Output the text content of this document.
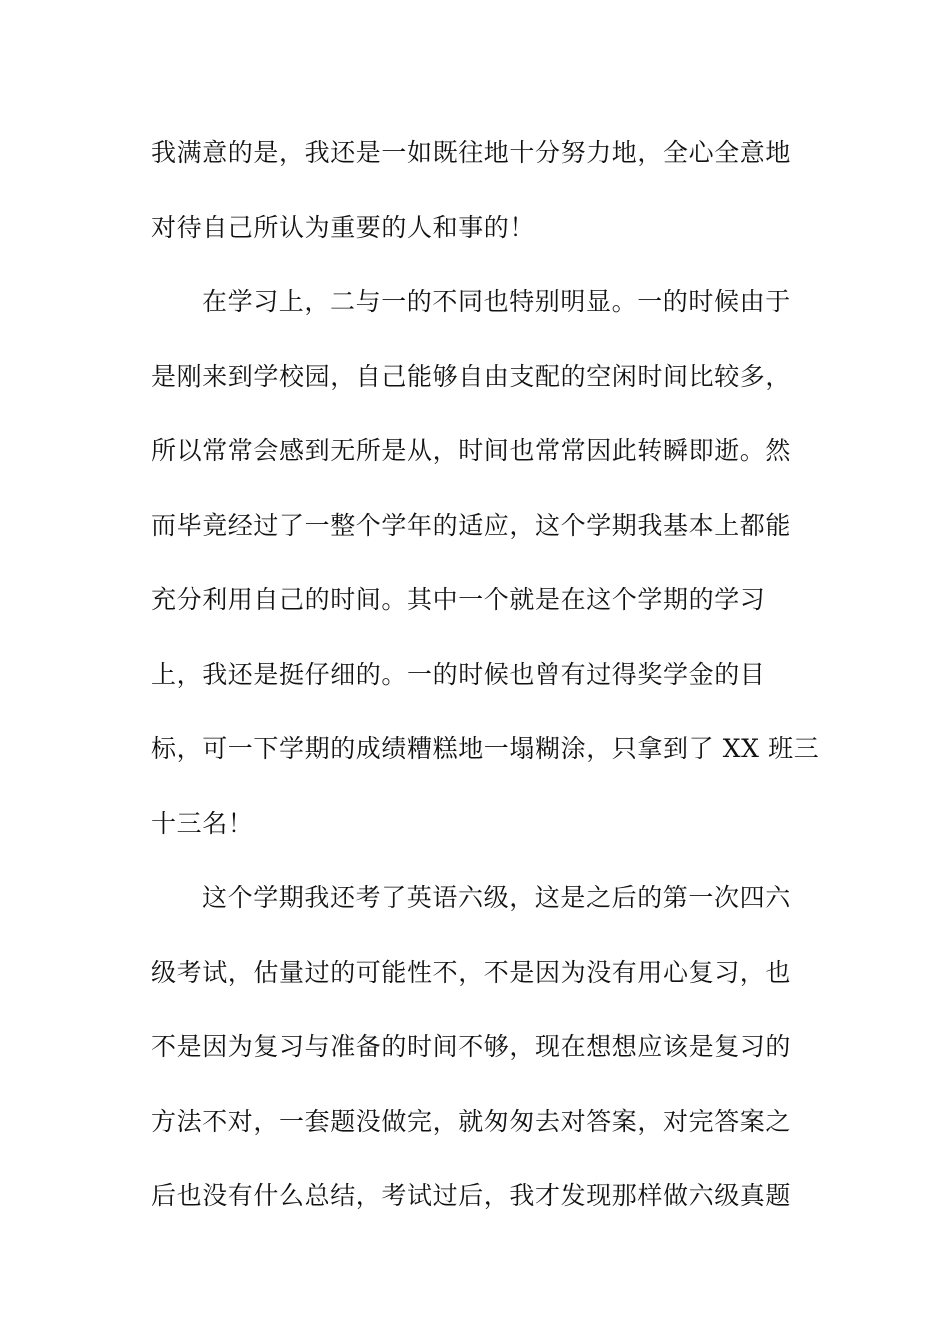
我满意的是，我还是一如既往地十分努力地，全心全意地
对待自己所认为重要的人和事的！
在学习上，二与一的不同也特别明显。一的时候由于
是刚来到学校园，自己能够自由支配的空闲时间比较多，
所以常常会感到无所是从，时间也常常因此转瞬即逝。然
而毕竟经过了一整个学年的适应，这个学期我基本上都能
充分利用自己的时间。其中一个就是在这个学期的学习
上，我还是挺仔细的。一的时候也曾有过得奖学金的目
标，可一下学期的成绩糟糕地一塌糊涂，只拿到了 XX 班三
十三名！
这个学期我还考了英语六级，这是之后的第一次四六
级考试，估量过的可能性不，不是因为没有用心复习，也
不是因为复习与准备的时间不够，现在想想应该是复习的
方法不对，一套题没做完，就匆匆去对答案，对完答案之
后也没有什么总结，考试过后，我才发现那样做六级真题
